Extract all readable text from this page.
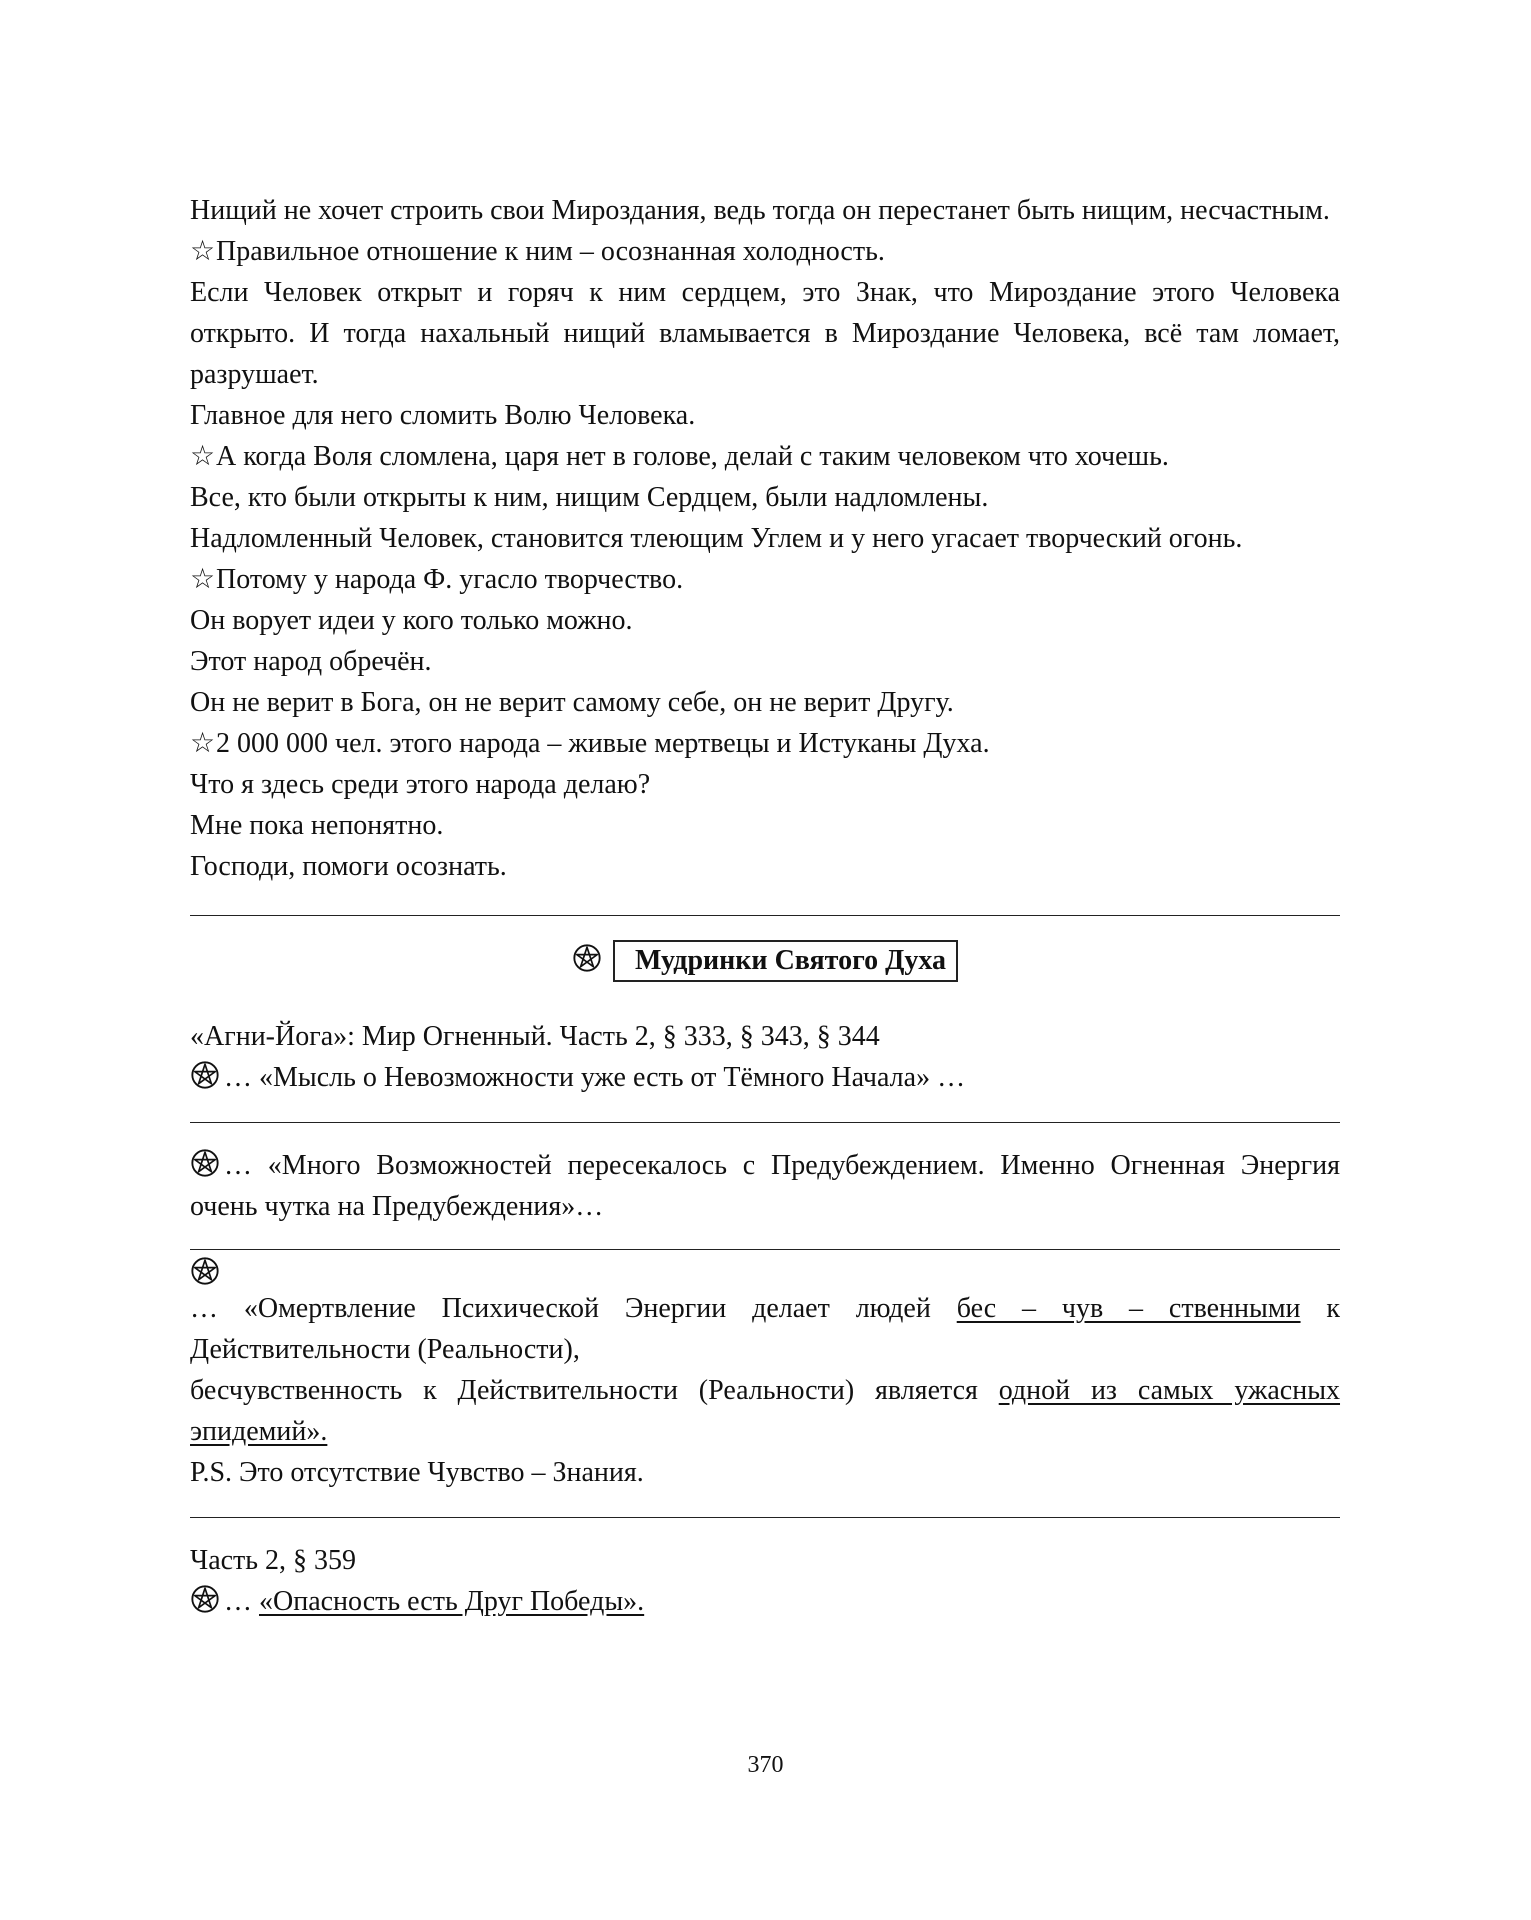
Нищий не хочет строить свои Мироздания, ведь тогда он перестанет быть нищим, несчастным.

☆Правильное отношение к ним – осознанная холодность.

Если Человек открыт и горяч к ним сердцем, это Знак, что Мироздание этого Человека открыто. И тогда нахальный нищий вламывается в Мироздание Человека, всё там ломает, разрушает.

Главное для него сломить Волю Человека.

☆А когда Воля сломлена, царя нет в голове, делай с таким человеком что хочешь.

Все, кто были открыты к ним, нищим Сердцем, были надломлены.

Надломленный Человек, становится тлеющим Углем и у него угасает творческий огонь.

☆Потому у народа Ф. угасло творчество.

Он ворует идеи у кого только можно.

Этот народ обречён.

Он не верит в Бога, он не верит самому себе, он не верит Другу.

☆2 000 000 чел. этого народа – живые мертвецы и Истуканы Духа.

Что я здесь среди этого народа делаю?

Мне пока непонятно.

Господи, помоги осознать.

Мудринки Святого Духа

«Агни-Йога»: Мир Огненный. Часть 2, § 333, § 343, § 344

… «Мысль о Невозможности уже есть от Тёмного Начала» …

… «Много Возможностей пересекалось с Предубеждением. Именно Огненная Энергия очень чутка на Предубеждения»…

… «Омертвление Психической Энергии делает людей бес – чув – ственными к Действительности (Реальности),

бесчувственность к Действительности (Реальности) является одной из самых ужасных эпидемий».

P.S. Это отсутствие Чувство – Знания.

Часть 2, § 359

… «Опасность есть Друг Победы».

370
